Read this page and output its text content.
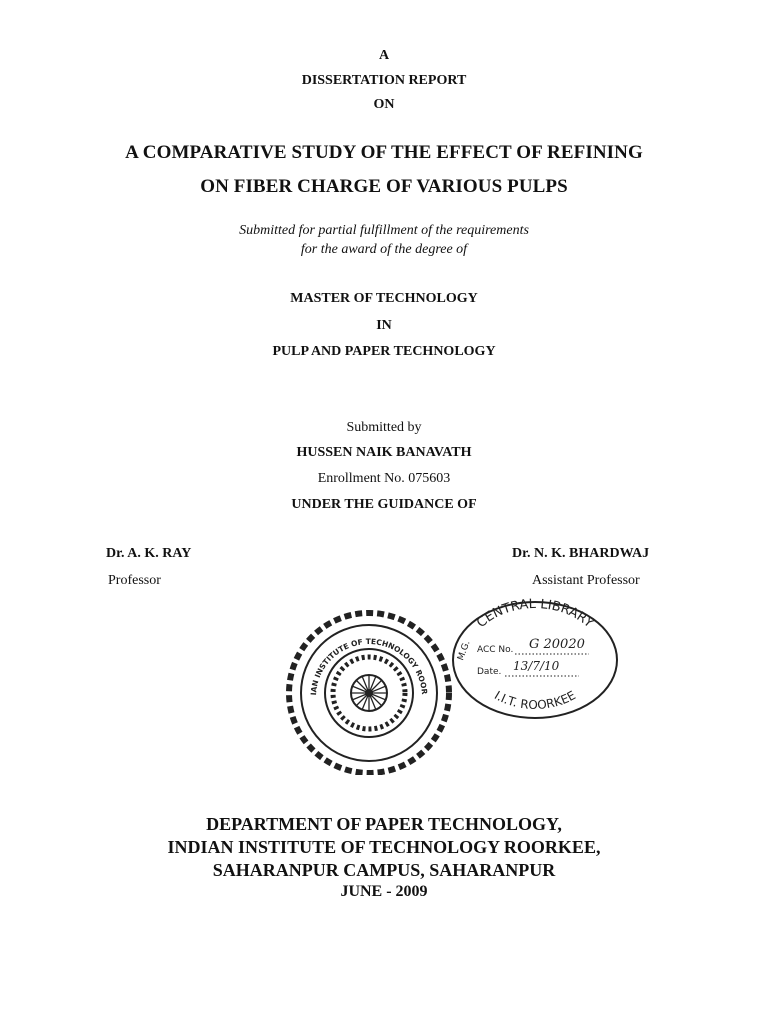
A
DISSERTATION REPORT
ON
A COMPARATIVE STUDY OF THE EFFECT OF REFINING
ON FIBER CHARGE OF VARIOUS PULPS
Submitted for partial fulfillment of the requirements
for the award of the degree of
MASTER OF TECHNOLOGY
IN
PULP AND PAPER TECHNOLOGY
Submitted by
HUSSEN NAIK BANAVATH
Enrollment No. 075603
UNDER THE GUIDANCE OF
Dr. A. K. RAY
Professor
Dr. N. K. BHARDWAJ
Assistant Professor
IAN INSTITUTE OF TECHNOLOGY ROOR
CENTRAL LIBRARY
I.I.T. ROORKEE
M.G. ACC No. G 20020
Date. 13/7/10
DEPARTMENT OF PAPER TECHNOLOGY,
INDIAN INSTITUTE OF TECHNOLOGY ROORKEE,
SAHARANPUR CAMPUS, SAHARANPUR
JUNE - 2009
